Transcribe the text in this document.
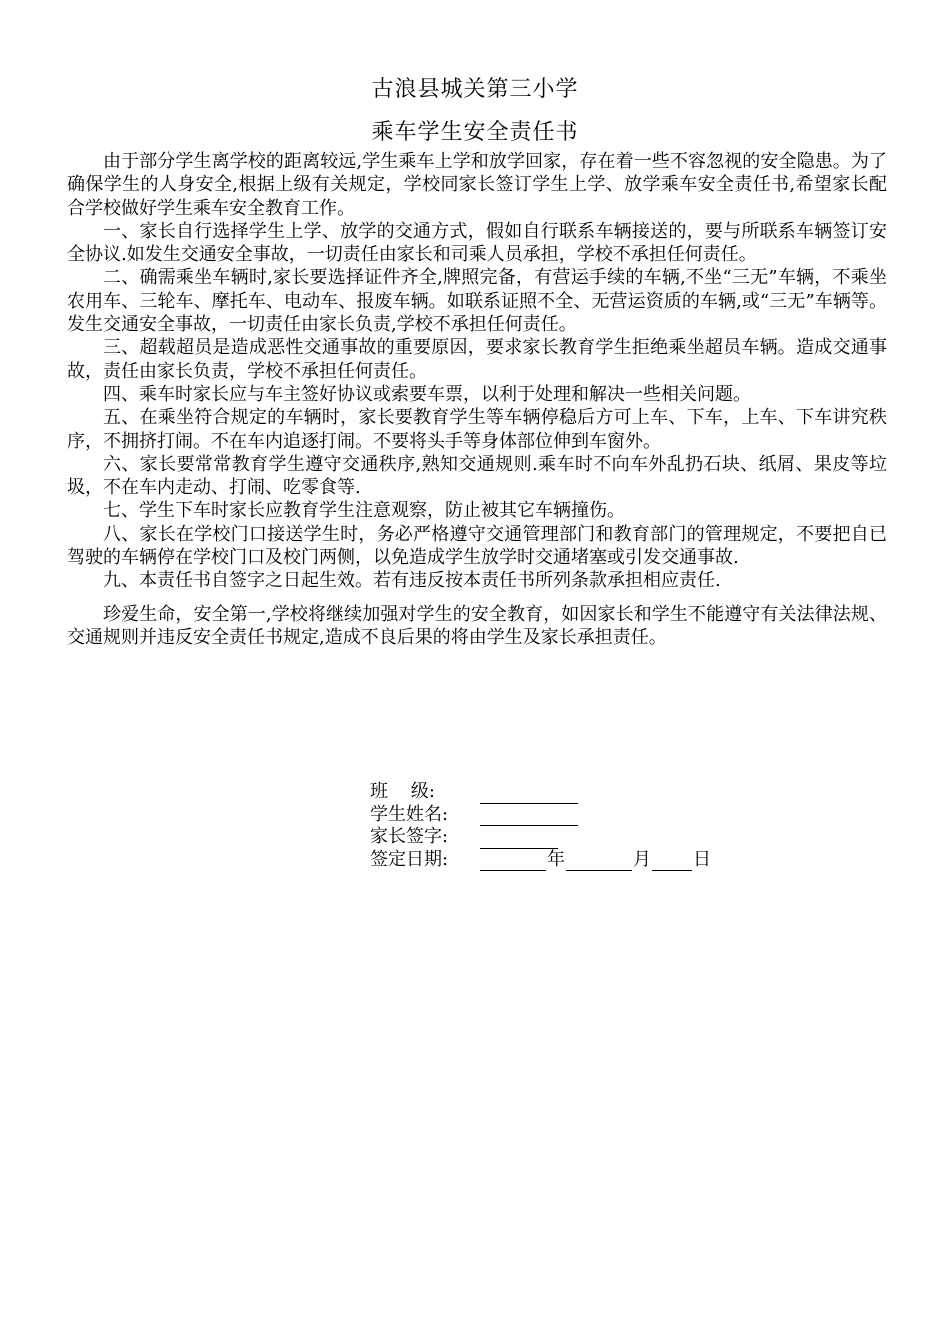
古浪县城关第三小学
乘车学生安全责任书

由于部分学生离学校的距离较远,学生乘车上学和放学回家，存在着一些不容忽视的安全隐患。为了确保学生的人身安全,根据上级有关规定，学校同家长签订学生上学、放学乘车安全责任书,希望家长配合学校做好学生乘车安全教育工作。

一、家长自行选择学生上学、放学的交通方式，假如自行联系车辆接送的，要与所联系车辆签订安全协议.如发生交通安全事故，一切责任由家长和司乘人员承担，学校不承担任何责任。

二、确需乘坐车辆时,家长要选择证件齐全,牌照完备，有营运手续的车辆,不坐“三无”车辆，不乘坐农用车、三轮车、摩托车、电动车、报废车辆。如联系证照不全、无营运资质的车辆,或“三无”车辆等。发生交通安全事故，一切责任由家长负责,学校不承担任何责任。

三、超载超员是造成恶性交通事故的重要原因，要求家长教育学生拒绝乘坐超员车辆。造成交通事故，责任由家长负责，学校不承担任何责任。

四、乘车时家长应与车主签好协议或索要车票，以利于处理和解决一些相关问题。

五、在乘坐符合规定的车辆时，家长要教育学生等车辆停稳后方可上车、下车，上车、下车讲究秩序，不拥挤打闹。不在车内追逐打闹。不要将头手等身体部位伸到车窗外。

六、家长要常常教育学生遵守交通秩序,熟知交通规则.乘车时不向车外乱扔石块、纸屑、果皮等垃圾，不在车内走动、打闹、吃零食等.

七、学生下车时家长应教育学生注意观察，防止被其它车辆撞伤。

八、家长在学校门口接送学生时，务必严格遵守交通管理部门和教育部门的管理规定，不要把自已驾驶的车辆停在学校门口及校门两侧，以免造成学生放学时交通堵塞或引发交通事故.

九、本责任书自签字之日起生效。若有违反按本责任书所列条款承担相应责任.

珍爱生命，安全第一,学校将继续加强对学生的安全教育，如因家长和学生不能遵守有关法律法规、交通规则并违反安全责任书规定,造成不良后果的将由学生及家长承担责任。

班    级:
学生姓名:
家长签字:
签定日期:	年	月 日
